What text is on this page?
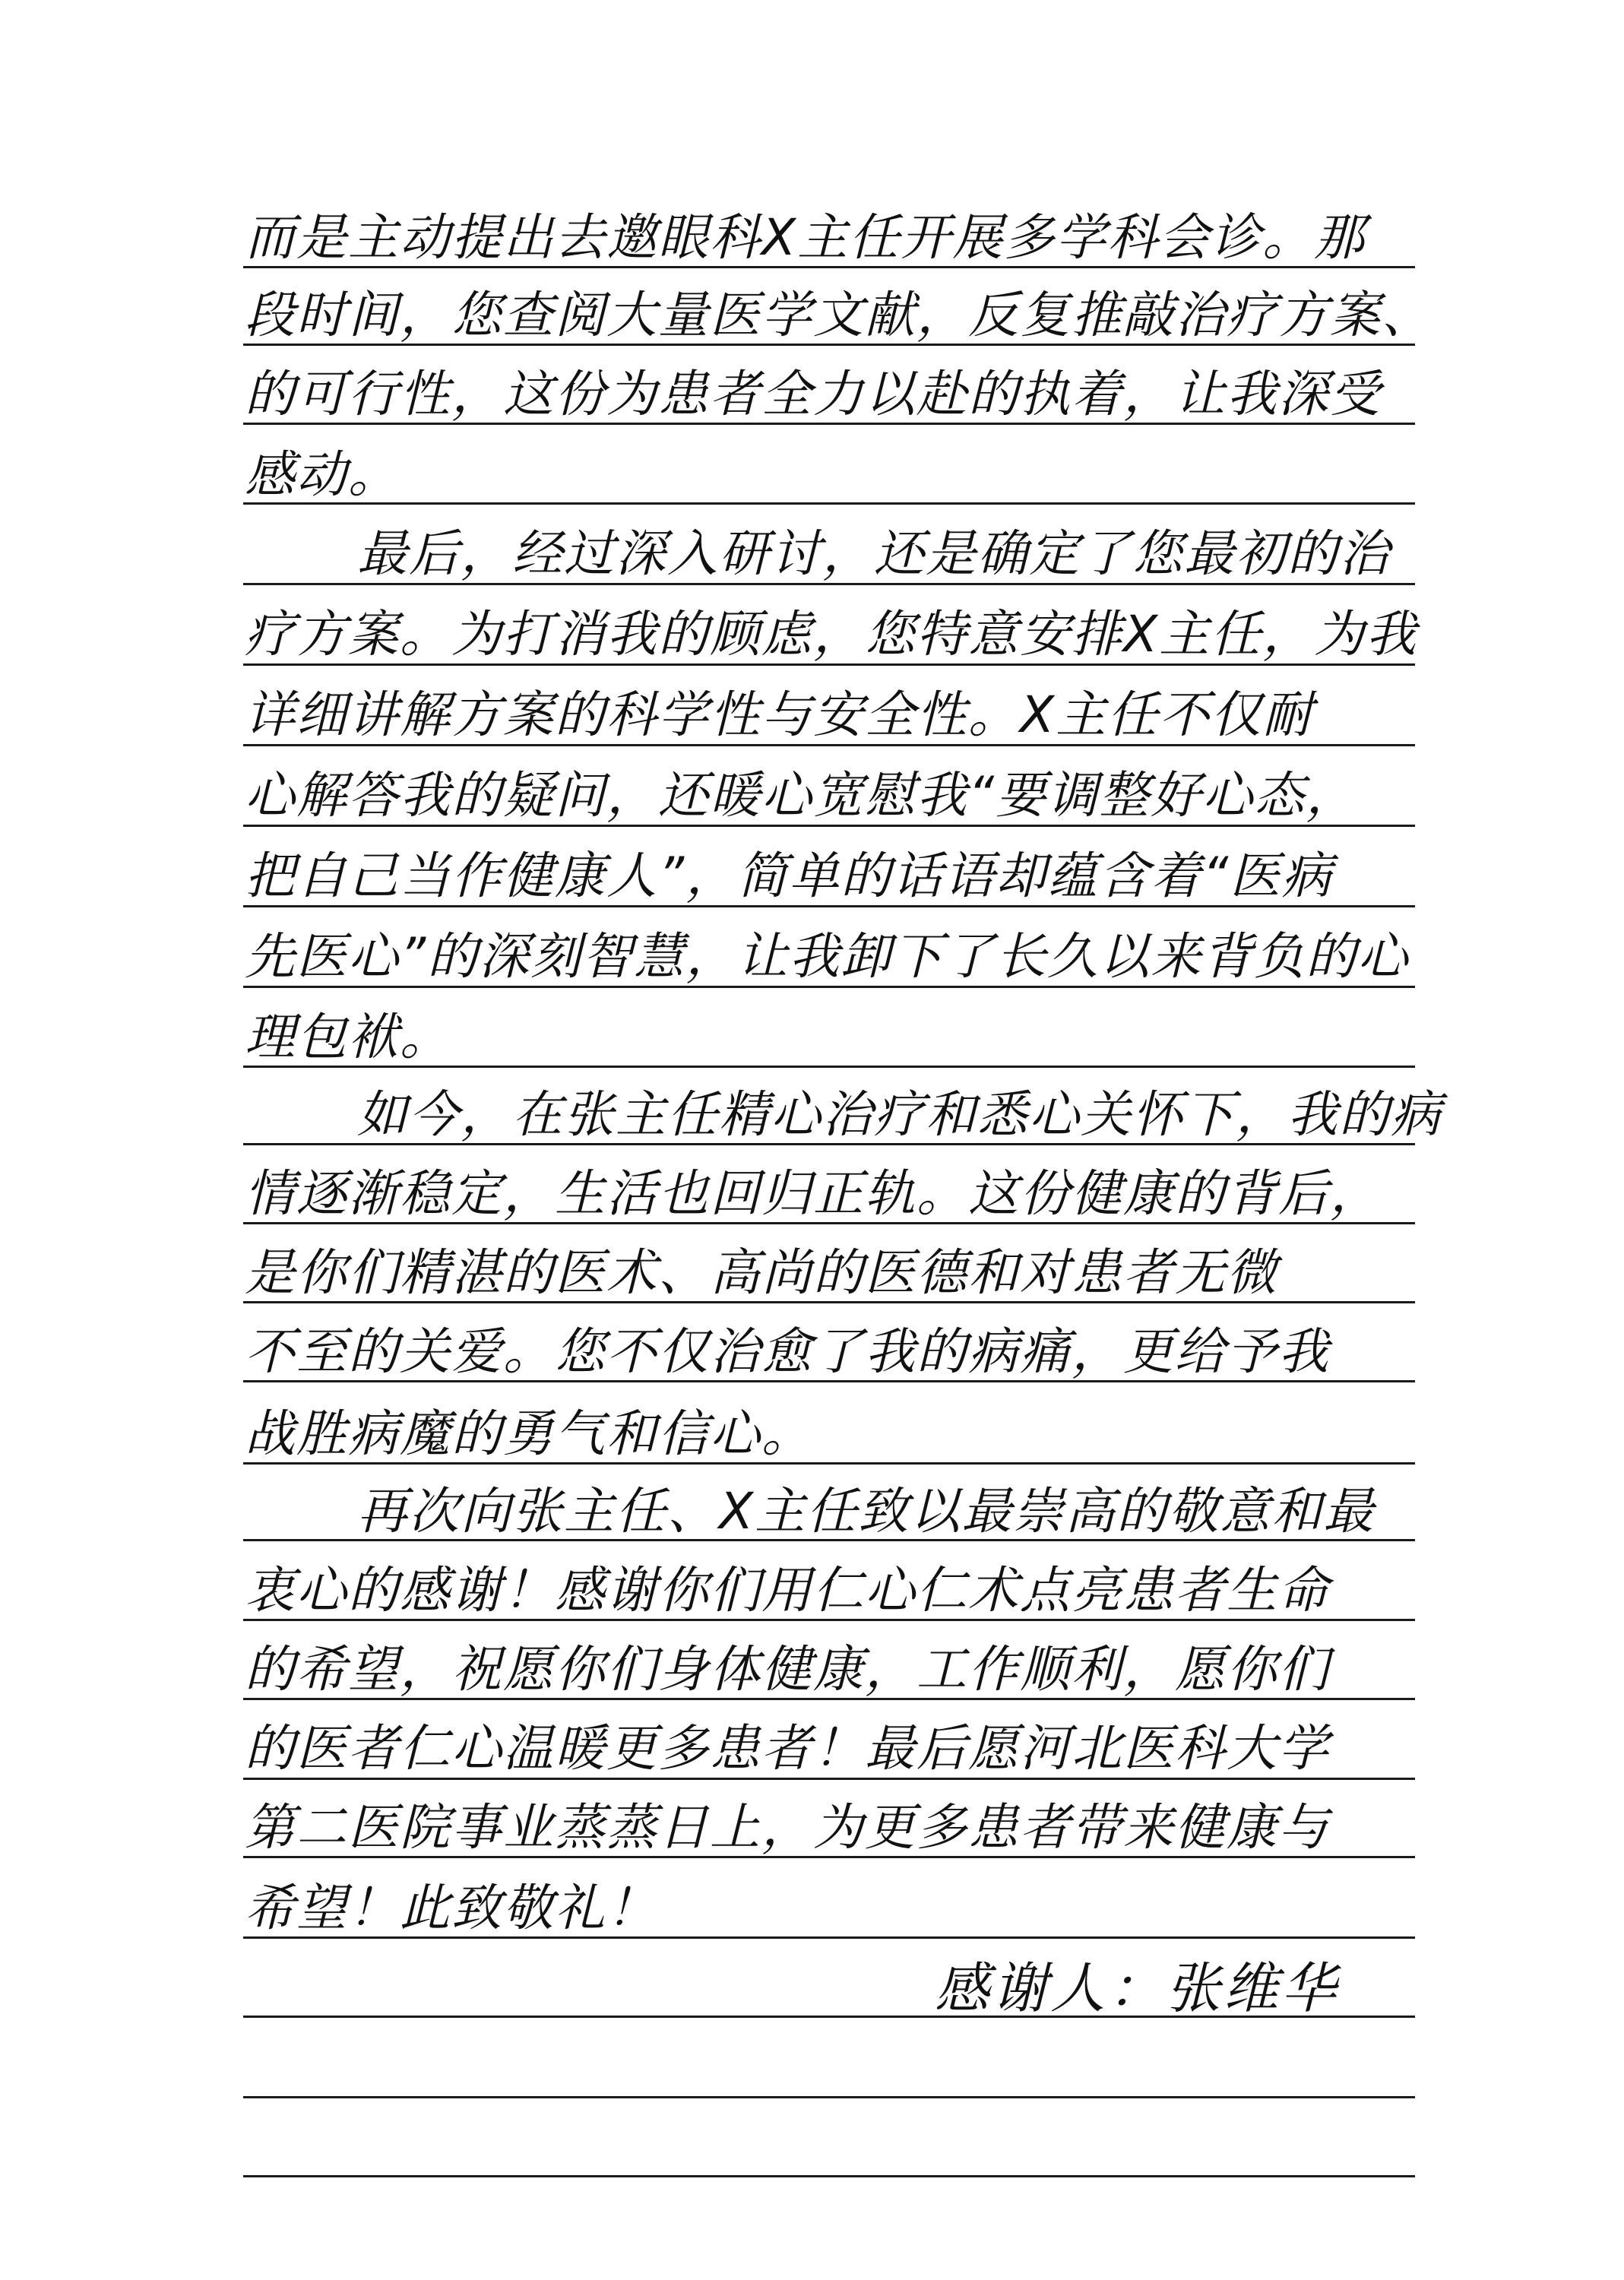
而是主动提出去邀眼科X主任开展多学科会诊。那
段时间，您查阅大量医学文献，反复推敲治疗方案、
的可行性，这份为患者全力以赴的执着，让我深受
感动。
最后，经过深入研讨，还是确定了您最初的治
疗方案。为打消我的顾虑，您特意安排X主任，为我
详细讲解方案的科学性与安全性。X主任不仅耐
心解答我的疑问，还暖心宽慰我“要调整好心态，
把自己当作健康人”，简单的话语却蕴含着“医病
先医心”的深刻智慧，让我卸下了长久以来背负的心
理包袱。
如今，在张主任精心治疗和悉心关怀下，我的病
情逐渐稳定，生活也回归正轨。这份健康的背后，
是你们精湛的医术、高尚的医德和对患者无微
不至的关爱。您不仅治愈了我的病痛，更给予我
战胜病魔的勇气和信心。
再次向张主任、X主任致以最崇高的敬意和最
衷心的感谢！感谢你们用仁心仁术点亮患者生命
的希望，祝愿你们身体健康，工作顺利，愿你们
的医者仁心温暖更多患者！最后愿河北医科大学
第二医院事业蒸蒸日上，为更多患者带来健康与
希望！此致敬礼！
感谢人：张维华
